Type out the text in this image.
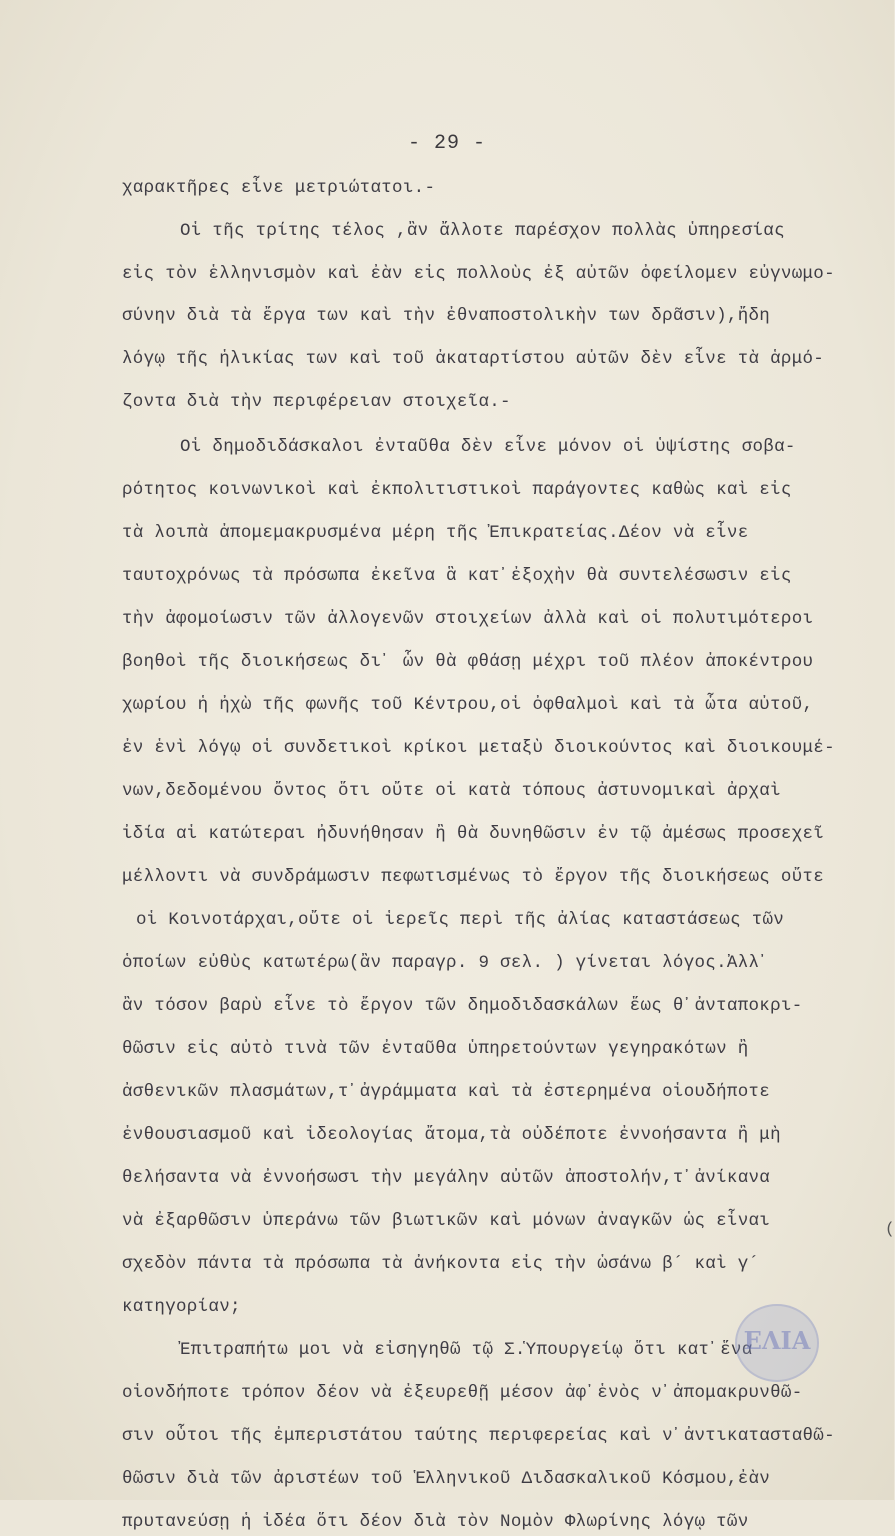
- 29 -
χαρακτῆρες εἶνε μετριώτατοι.-
Οἱ τῆς τρίτης τέλος ,ἂν ἄλλοτε παρέσχον πολλὰς ὑπηρεσίας
εἰς τὸν ἑλληνισμὸν καὶ ἐὰν εἰς πολλοὺς ἐξ αὐτῶν ὀφείλομεν εὐγνωμο-
σύνην διὰ τὰ ἔργα των καὶ τὴν ἐθναποστολικὴν των δρᾶσιν),ἤδη
λόγῳ τῆς ἡλικίας των καὶ τοῦ ἀκαταρτίστου αὐτῶν δὲν εἶνε τὰ ἁρμό-
ζοντα διὰ τὴν περιφέρειαν στοιχεῖα.-
Οἱ δημοδιδάσκαλοι ἐνταῦθα δὲν εἶνε μόνον οἱ ὑψίστης σοβα-
ρότητος κοινωνικοὶ καὶ ἐκπολιτιστικοὶ παράγοντες καθὼς καὶ εἰς
τὰ λοιπὰ ἀπομεμακρυσμένα μέρη τῆς Ἐπικρατείας.Δέον νὰ εἶνε
ταυτοχρόνως τὰ πρόσωπα ἐκεῖνα ἃ κατ᾽ἐξοχὴν θὰ συντελέσωσιν εἰς
τὴν ἀφομοίωσιν τῶν ἀλλογενῶν στοιχείων ἀλλὰ καὶ οἱ πολυτιμότεροι
βοηθοὶ τῆς διοικήσεως δι᾽ ὧν θὰ φθάσῃ μέχρι τοῦ πλέον ἀποκέντρου
χωρίου ἡ ἠχὼ τῆς φωνῆς τοῦ Κέντρου,οἱ ὀφθαλμοὶ καὶ τὰ ὦτα αὐτοῦ,
ἐν ἑνὶ λόγῳ οἱ συνδετικοὶ κρίκοι μεταξὺ διοικούντος καὶ διοικουμέ-
νων,δεδομένου ὄντος ὅτι οὔτε οἱ κατὰ τόπους ἀστυνομικαὶ ἀρχαὶ
ἰδία αἱ κατώτεραι ἠδυνήθησαν ἢ θὰ δυνηθῶσιν ἐν τῷ ἀμέσως προσεχεῖ
μέλλοντι νὰ συνδράμωσιν πεφωτισμένως τὸ ἔργον τῆς διοικήσεως οὔτε
οἱ Κοινοτάρχαι,οὔτε οἱ ἱερεῖς περὶ τῆς ἀλίας καταστάσεως τῶν
ὁποίων εὐθὺς κατωτέρω(ἂν παραγρ. 9 σελ. ) γίνεται λόγος.Ἀλλ᾽
ἂν τόσον βαρὺ εἶνε τὸ ἔργον τῶν δημοδιδασκάλων ἕως θ᾽ἀνταποκρι-
θῶσιν εἰς αὐτὸ τινὰ τῶν ἐνταῦθα ὑπηρετούντων γεγηρακότων ἢ
ἀσθενικῶν πλασμάτων,τ᾽ἀγράμματα καὶ τὰ ἐστερημένα οἱουδήποτε
ἐνθουσιασμοῦ καὶ ἰδεολογίας ἄτομα,τὰ οὐδέποτε ἐννοήσαντα ἢ μὴ
θελήσαντα νὰ ἐννοήσωσι τὴν μεγάλην αὐτῶν ἀποστολήν,τ᾽ἀνίκανα
νὰ ἐξαρθῶσιν ὑπεράνω τῶν βιωτικῶν καὶ μόνων ἀναγκῶν ὡς εἶναι
σχεδὸν πάντα τὰ πρόσωπα τὰ ἀνήκοντα εἰς τὴν ὡσάνω β´ καὶ γ´
κατηγορίαν;
Ἐπιτραπήτω μοι νὰ εἰσηγηθῶ τῷ Σ.Ὑπουργείῳ ὅτι κατ᾽ἕνα
οἱονδήποτε τρόπον δέον νὰ ἐξευρεθῇ μέσον ἀφ᾽ἑνὸς ν᾽ἀπομακρυνθῶ-
σιν οὗτοι τῆς ἐμπεριστάτου ταύτης περιφερείας καὶ ν᾽ἀντικατασταθῶ-
θῶσιν διὰ τῶν ἀριστέων τοῦ Ἑλληνικοῦ Διδασκαλικοῦ Κόσμου,ἐὰν
πρυτανεύσῃ ἡ ἰδέα ὅτι δέον διὰ τὸν Νομὸν Φλωρίνης λόγῳ τῶν
ΕΛΙΑ
(
